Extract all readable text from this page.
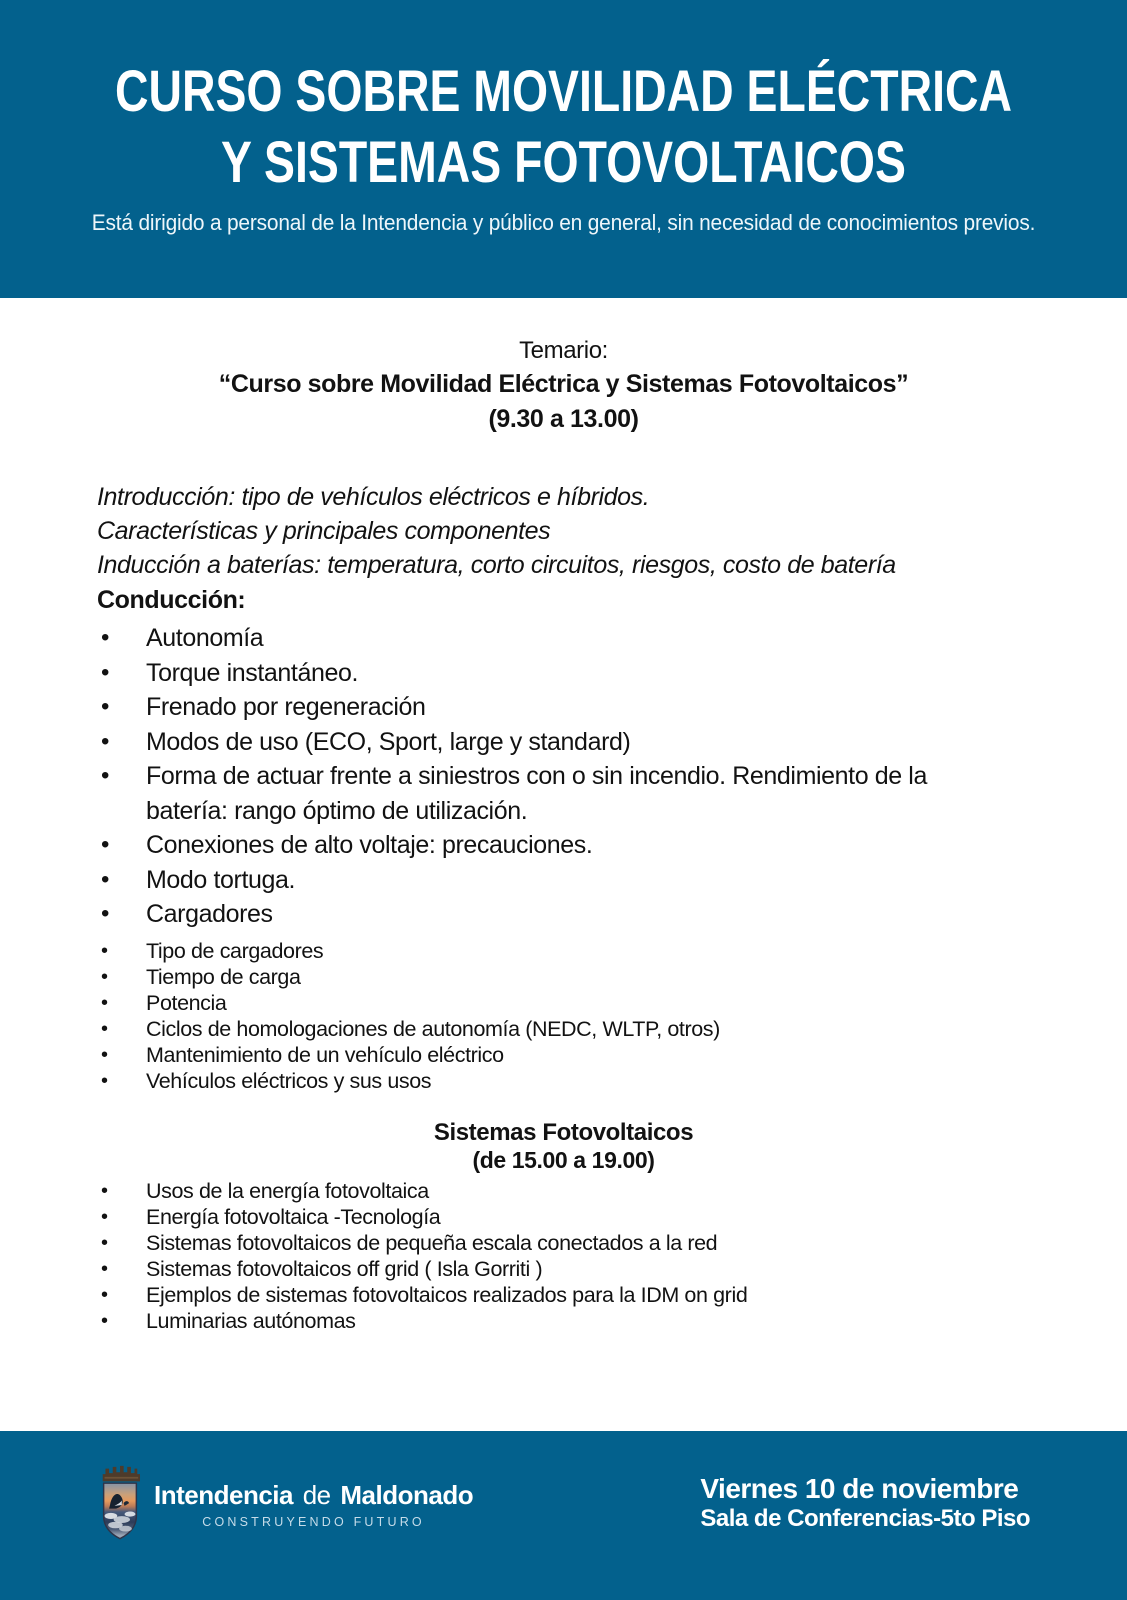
CURSO SOBRE MOVILIDAD ELÉCTRICA
Y SISTEMAS FOTOVOLTAICOS
Está dirigido a personal de la Intendencia y público en general, sin necesidad de conocimientos previos.
Temario:
“Curso sobre Movilidad Eléctrica y Sistemas Fotovoltaicos”
(9.30 a 13.00)
Introducción: tipo de vehículos eléctricos e híbridos.
Características y principales componentes
Inducción a baterías: temperatura, corto circuitos, riesgos, costo de batería
Conducción:
•	Autonomía
•	Torque instantáneo.
•	Frenado por regeneración
•	Modos de uso (ECO, Sport, large y standard)
•	Forma de actuar frente a siniestros con o sin incendio. Rendimiento de la batería: rango óptimo de utilización.
•	Conexiones de alto voltaje: precauciones.
•	Modo tortuga.
•	Cargadores
•	Tipo de cargadores
•	Tiempo de carga
•	Potencia
•	Ciclos de homologaciones de autonomía (NEDC, WLTP, otros)
•	Mantenimiento de un vehículo eléctrico
•	Vehículos eléctricos y sus usos
Sistemas Fotovoltaicos
(de 15.00 a 19.00)
•	Usos de la energía fotovoltaica
•	Energía fotovoltaica -Tecnología
•	Sistemas fotovoltaicos de pequeña escala conectados a la red
•	Sistemas fotovoltaicos off grid ( Isla Gorriti )
•	Ejemplos de sistemas fotovoltaicos realizados para la IDM on grid
•	Luminarias autónomas
Intendencia de Maldonado
CONSTRUYENDO FUTURO
Viernes 10 de noviembre
Sala de Conferencias-5to Piso
